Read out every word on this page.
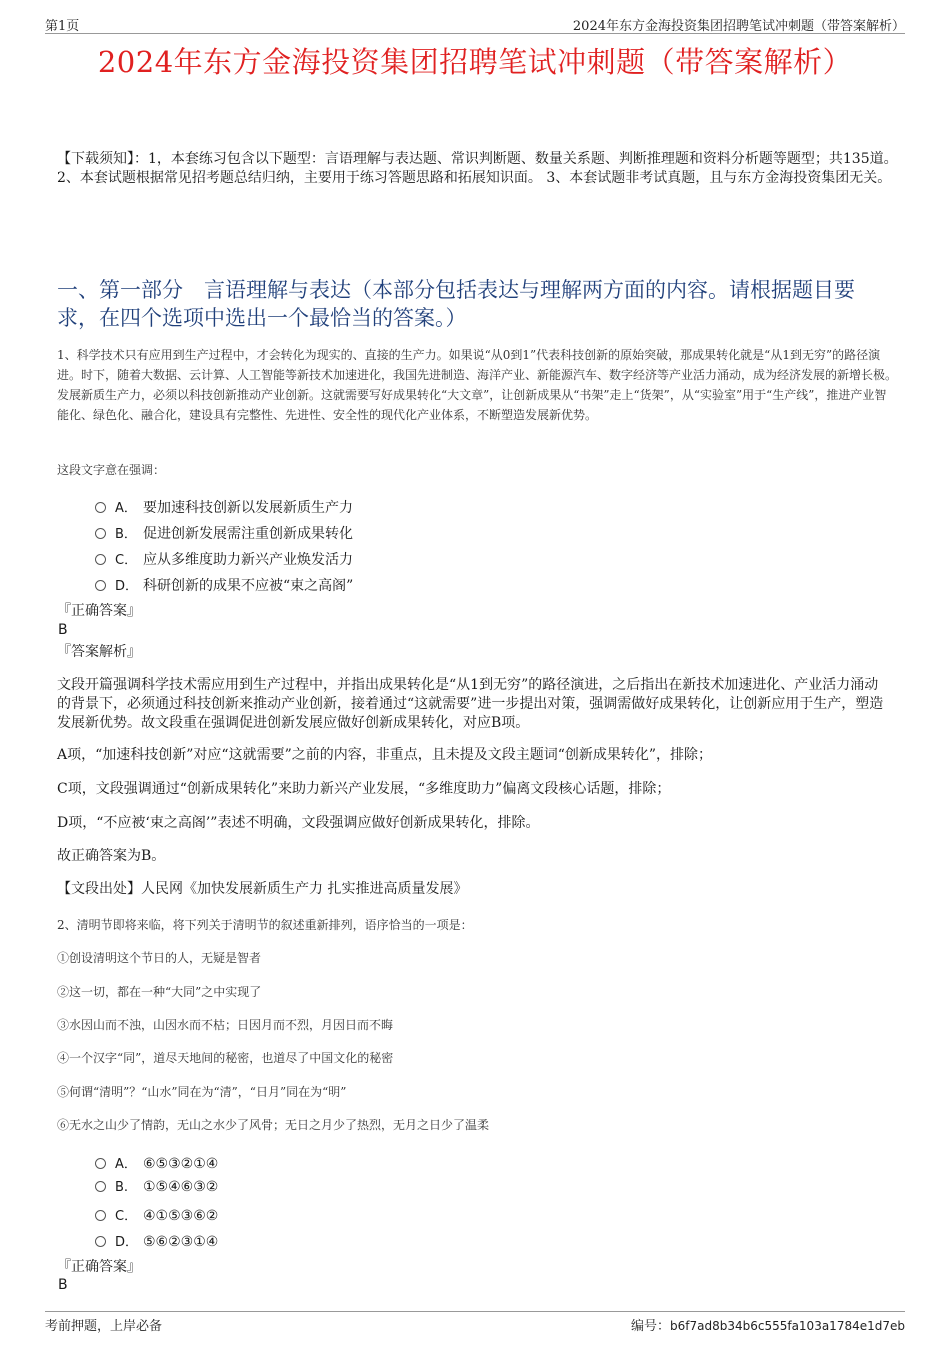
第1页	2024年东方金海投资集团招聘笔试冲刺题（带答案解析）
2024年东方金海投资集团招聘笔试冲刺题（带答案解析）
【下载须知】：1，本套练习包含以下题型：言语理解与表达题、常识判断题、数量关系题、判断推理题和资料分析题等题型；共135道。 2、本套试题根据常见招考题总结归纳，主要用于练习答题思路和拓展知识面。 3、本套试题非考试真题，且与东方金海投资集团无关。
一、第一部分　言语理解与表达（本部分包括表达与理解两方面的内容。请根据题目要求，在四个选项中选出一个最恰当的答案。）
1、科学技术只有应用到生产过程中，才会转化为现实的、直接的生产力。如果说“从0到1”代表科技创新的原始突破，那成果转化就是“从1到无穷”的路径演进。时下，随着大数据、云计算、人工智能等新技术加速进化，我国先进制造、海洋产业、新能源汽车、数字经济等产业活力涌动，成为经济发展的新增长极。发展新质生产力，必须以科技创新推动产业创新。这就需要写好成果转化“大文章”，让创新成果从“书架”走上“货架”，从“实验室”用于“生产线”，推进产业智能化、绿色化、融合化，建设具有完整性、先进性、安全性的现代化产业体系，不断塑造发展新优势。
这段文字意在强调：
A． 要加速科技创新以发展新质生产力
B． 促进创新发展需注重创新成果转化
C． 应从多维度助力新兴产业焕发活力
D． 科研创新的成果不应被“束之高阁”
『正确答案』
B
『答案解析』
文段开篇强调科学技术需应用到生产过程中，并指出成果转化是“从1到无穷”的路径演进，之后指出在新技术加速进化、产业活力涌动的背景下，必须通过科技创新来推动产业创新，接着通过“这就需要”进一步提出对策，强调需做好成果转化，让创新应用于生产，塑造发展新优势。故文段重在强调促进创新发展应做好创新成果转化，对应B项。
A项，“加速科技创新”对应“这就需要”之前的内容，非重点，且未提及文段主题词“创新成果转化”，排除；
C项，文段强调通过“创新成果转化”来助力新兴产业发展，“多维度助力”偏离文段核心话题，排除；
D项，“不应被‘束之高阁’”表述不明确，文段强调应做好创新成果转化，排除。
故正确答案为B。
【文段出处】人民网《加快发展新质生产力 扎实推进高质量发展》
2、清明节即将来临，将下列关于清明节的叙述重新排列，语序恰当的一项是：
①创设清明这个节日的人，无疑是智者
②这一切，都在一种“大同”之中实现了
③水因山而不浊，山因水而不枯；日因月而不烈，月因日而不晦
④一个汉字“同”，道尽天地间的秘密，也道尽了中国文化的秘密
⑤何谓“清明”？“山水”同在为“清”，“日月”同在为“明”
⑥无水之山少了情韵，无山之水少了风骨；无日之月少了热烈，无月之日少了温柔
A． ⑥⑤③②①④
B. ①⑤④⑥③②
C． ④①⑤③⑥②
D． ⑤⑥②③①④
『正确答案』
B
考前押题，上岸必备	编号：b6f7ad8b34b6c555fa103a1784e1d7eb
